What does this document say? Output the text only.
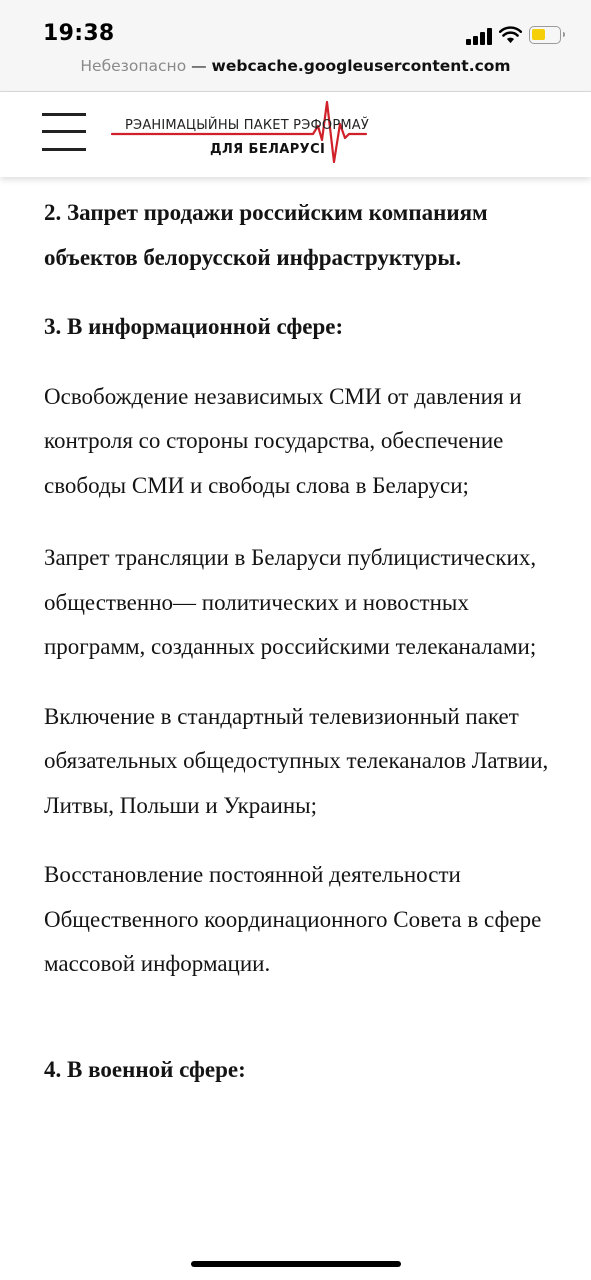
19:38
Небезопасно — webcache.googleusercontent.com
РЭАНІМАЦЫЙНЫ ПАКЕТ РЭФОРМАЎ
ДЛЯ БЕЛАРУСІ

2. Запрет продажи российским компаниям объектов белорусской инфраструктуры.

3. В информационной сфере:

Освобождение независимых СМИ от давления и контроля со стороны государства, обеспечение свободы СМИ и свободы слова в Беларуси;

Запрет трансляции в Беларуси публицистических, общественно— политических и новостных программ, созданных российскими телеканалами;

Включение в стандартный телевизионный пакет обязательных общедоступных телеканалов Латвии, Литвы, Польши и Украины;

Восстановление постоянной деятельности Общественного координационного Совета в сфере массовой информации.

4. В военной сфере:
